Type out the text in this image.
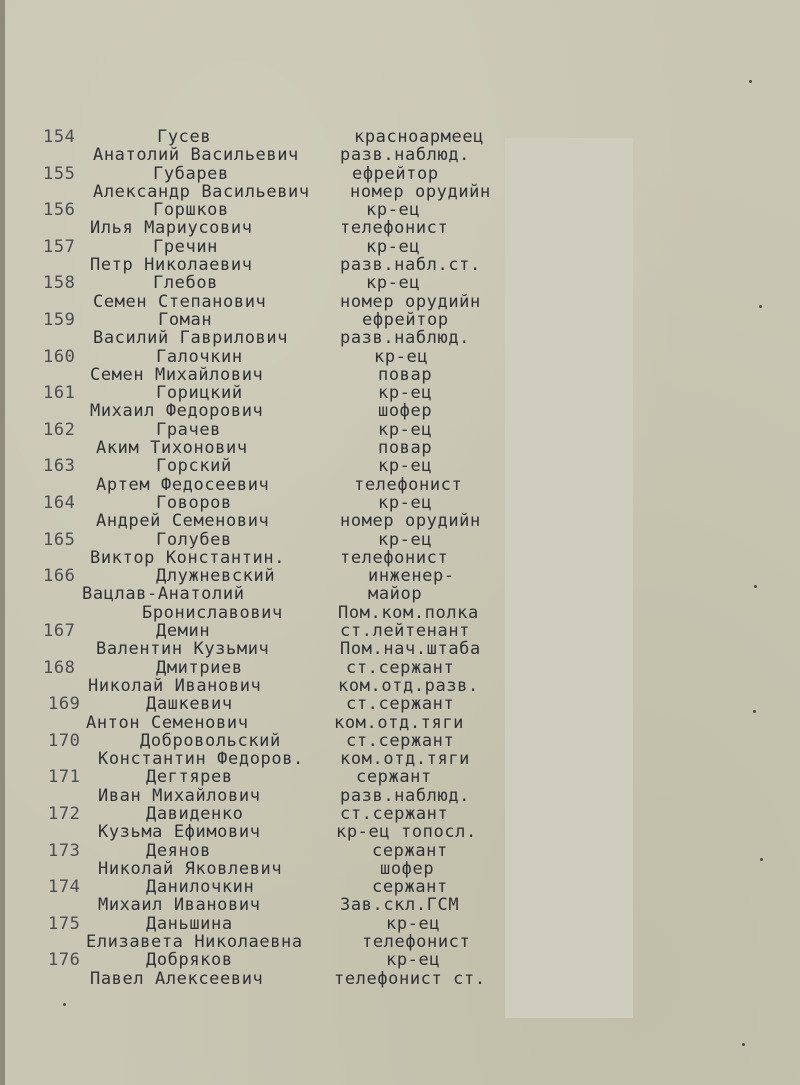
154	Гусев	красноармеец
Анатолий Васильевич разв.наблюд.
155	Губарев	ефрейтор
Александр Васильевич номер орудийн
156	Горшков	кр-ец
Илья Мариусович	телефонист
157	Гречин	кр-ец
Петр Николаевич	разв.набл.ст.
158	Глебов	кр-ец
Семен Степанович	номер орудийн
159	Гоман	ефрейтор
Василий Гаврилович	разв.наблюд.
160	Галочкин	кр-ец
Семен Михайлович	повар
161	Горицкий	кр-ец
Михаил Федорович	шофер
162	Грачев	кр-ец
Аким Тихонович	повар
163	Горский	кр-ец
Артем Федосеевич	телефонист
164	Говоров	кр-ец
Андрей Семенович	номер орудийн
165	Голубев	кр-ец
Виктор Константин.	телефонист
166	Длужневский	инженер-
Вацлав-Анатолий	майор
Брониславович	Пом.ком.полка
167	Демин	ст.лейтенант
Валентин Кузьмич	Пом.нач.штаба
168	Дмитриев	ст.сержант
Николай Иванович	ком.отд.разв.
169	Дашкевич	ст.сержант
Антон Семенович	ком.отд.тяги
170	Добровольский	ст.сержант
Константин Федоров. ком.отд.тяги
171	Дегтярев	сержант
Иван Михайлович	разв.наблюд.
172	Давиденко	ст.сержант
Кузьма Ефимович	кр-ец топосл.
173	Деянов	сержант
Николай Яковлевич	шофер
174	Данилочкин	сержант
Михаил Иванович	Зав.скл.ГСМ
175	Даньшина	кр-ец
Елизавета Николаевна	телефонист
176	Добряков	кр-ец
Павел Алексеевич	телефонист ст.
